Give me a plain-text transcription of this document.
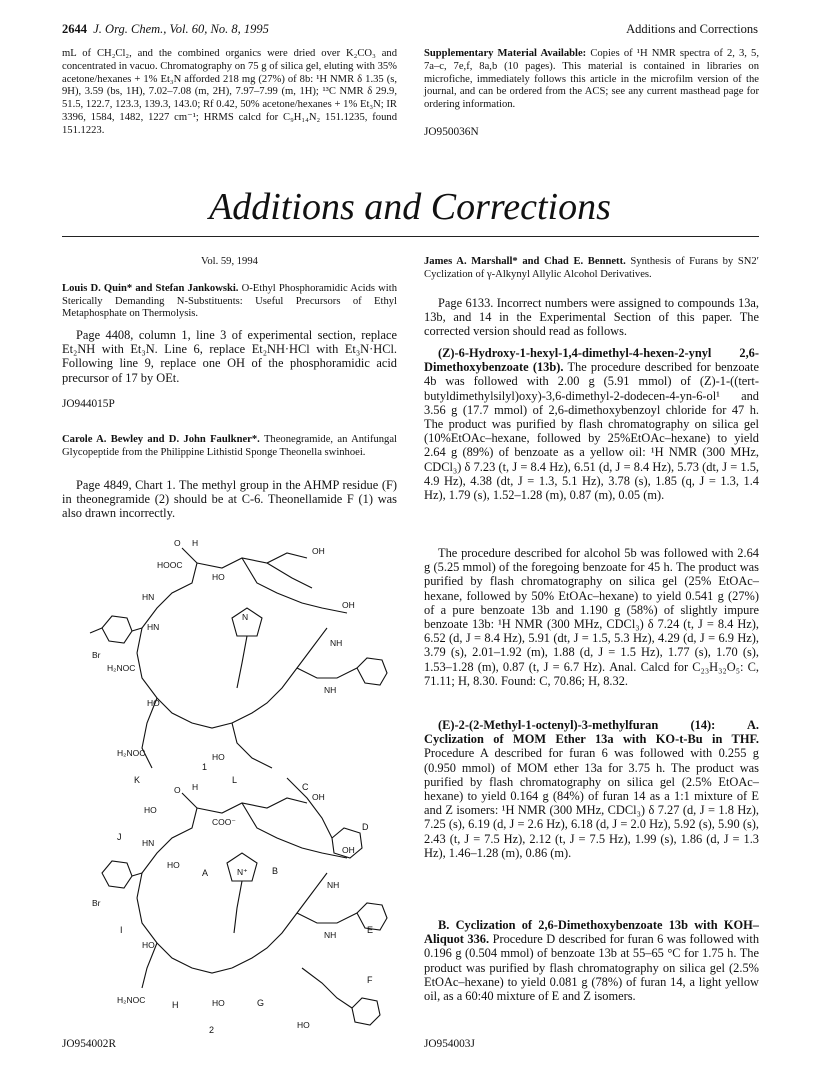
2644 J. Org. Chem., Vol. 60, No. 8, 1995	Additions and Corrections
mL of CH₂Cl₂, and the combined organics were dried over K₂CO₃ and concentrated in vacuo. Chromatography on 75 g of silica gel, eluting with 35% acetone/hexanes + 1% Et₃N afforded 218 mg (27%) of 8b: ¹H NMR δ 1.35 (s, 9H), 3.59 (bs, 1H), 7.02–7.08 (m, 2H), 7.97–7.99 (m, 1H); ¹³C NMR δ 29.9, 51.5, 122.7, 123.3, 139.3, 143.0; Rf 0.42, 50% acetone/hexanes + 1% Et₃N; IR 3396, 1584, 1482, 1227 cm⁻¹; HRMS calcd for C₉H₁₄N₂ 151.1235, found 151.1223.
Supplementary Material Available: Copies of ¹H NMR spectra of 2, 3, 5, 7a–c, 7e,f, 8a,b (10 pages). This material is contained in libraries on microfiche, immediately follows this article in the microfilm version of the journal, and can be ordered from the ACS; see any current masthead page for ordering information.
JO950036N
Additions and Corrections
Vol. 59, 1994
Louis D. Quin* and Stefan Jankowski. O-Ethyl Phosphoramidic Acids with Sterically Demanding N-Substituents: Useful Precursors of Ethyl Metaphosphate on Thermolysis.
Page 4408, column 1, line 3 of experimental section, replace Et₂NH with Et₃N. Line 6, replace Et₂NH·HCl with Et₃N·HCl. Following line 9, replace one OH of the phosphoramidic acid precursor of 17 by OEt.
JO944015P
Carole A. Bewley and D. John Faulkner*. Theonegramide, an Antifungal Glycopeptide from the Philippine Lithistid Sponge Theonella swinhoei.
Page 4849, Chart 1. The methyl group in the AHMP residue (F) in theonegramide (2) should be at C-6. Theonellamide F (1) was also drawn incorrectly.
O H
HOOC
HO
OH
HN
OH
Br
H₂NOC
HO
H₂NOC	HO
NH
NH
N
HN
O H
HO
COO⁻
OH
HN
OH
Br
HO
N⁺
HO
H₂NOC	HO
NH
NH
HO
1
2
K	L
C
J
D
A	B
I	E
F
H	G
JO954002R
James A. Marshall* and Chad E. Bennett. Synthesis of Furans by SN2′ Cyclization of γ-Alkynyl Allylic Alcohol Derivatives.
Page 6133. Incorrect numbers were assigned to compounds 13a, 13b, and 14 in the Experimental Section of this paper. The corrected version should read as follows.
(Z)-6-Hydroxy-1-hexyl-1,4-dimethyl-4-hexen-2-ynyl 2,6-Dimethoxybenzoate (13b). The procedure described for benzoate 4b was followed with 2.00 g (5.91 mmol) of (Z)-1-((tert-butyldimethylsilyl)oxy)-3,6-dimethyl-2-dodecen-4-yn-6-ol¹ and 3.56 g (17.7 mmol) of 2,6-dimethoxybenzoyl chloride for 47 h. The product was purified by flash chromatography on silica gel (10%EtOAc–hexane, followed by 25%EtOAc–hexane) to yield 2.64 g (89%) of benzoate as a yellow oil: ¹H NMR (300 MHz, CDCl₃) δ 7.23 (t, J = 8.4 Hz), 6.51 (d, J = 8.4 Hz), 5.73 (dt, J = 1.5, 4.9 Hz), 4.38 (dt, J = 1.3, 5.1 Hz), 3.78 (s), 1.85 (q, J = 1.3, 1.4 Hz), 1.79 (s), 1.52–1.28 (m), 0.87 (m), 0.05 (m).
The procedure described for alcohol 5b was followed with 2.64 g (5.25 mmol) of the foregoing benzoate for 45 h. The product was purified by flash chromatography on silica gel (25% EtOAc–hexane, followed by 50% EtOAc–hexane) to yield 0.541 g (27%) of a pure benzoate 13b and 1.190 g (58%) of slightly impure benzoate 13b: ¹H NMR (300 MHz, CDCl₃) δ 7.24 (t, J = 8.4 Hz), 6.52 (d, J = 8.4 Hz), 5.91 (dt, J = 1.5, 5.3 Hz), 4.29 (d, J = 6.9 Hz), 3.79 (s), 2.01–1.92 (m), 1.88 (d, J = 1.5 Hz), 1.77 (s), 1.70 (s), 1.53–1.28 (m), 0.87 (t, J = 6.7 Hz). Anal. Calcd for C₂₃H₃₂O₅: C, 71.11; H, 8.30. Found: C, 70.86; H, 8.32.
(E)-2-(2-Methyl-1-octenyl)-3-methylfuran (14): A. Cyclization of MOM Ether 13a with KO-t-Bu in THF. Procedure A described for furan 6 was followed with 0.255 g (0.950 mmol) of MOM ether 13a for 3.75 h. The product was purified by flash chromatography on silica gel (2.5% EtOAc–hexane) to yield 0.164 g (84%) of furan 14 as a 1:1 mixture of E and Z isomers: ¹H NMR (300 MHz, CDCl₃) δ 7.27 (d, J = 1.8 Hz), 7.25 (s), 6.19 (d, J = 2.6 Hz), 6.18 (d, J = 2.0 Hz), 5.92 (s), 5.90 (s), 2.43 (t, J = 7.5 Hz), 2.12 (t, J = 7.5 Hz), 1.99 (s), 1.86 (d, J = 1.3 Hz), 1.46–1.28 (m), 0.86 (m).
B. Cyclization of 2,6-Dimethoxybenzoate 13b with KOH–Aliquot 336. Procedure D described for furan 6 was followed with 0.196 g (0.504 mmol) of benzoate 13b at 55–65 °C for 1.75 h. The product was purified by flash chromatography on silica gel (2.5% EtOAc–hexane) to yield 0.081 g (78%) of furan 14, a light yellow oil, as a 60:40 mixture of E and Z isomers.
JO954003J
